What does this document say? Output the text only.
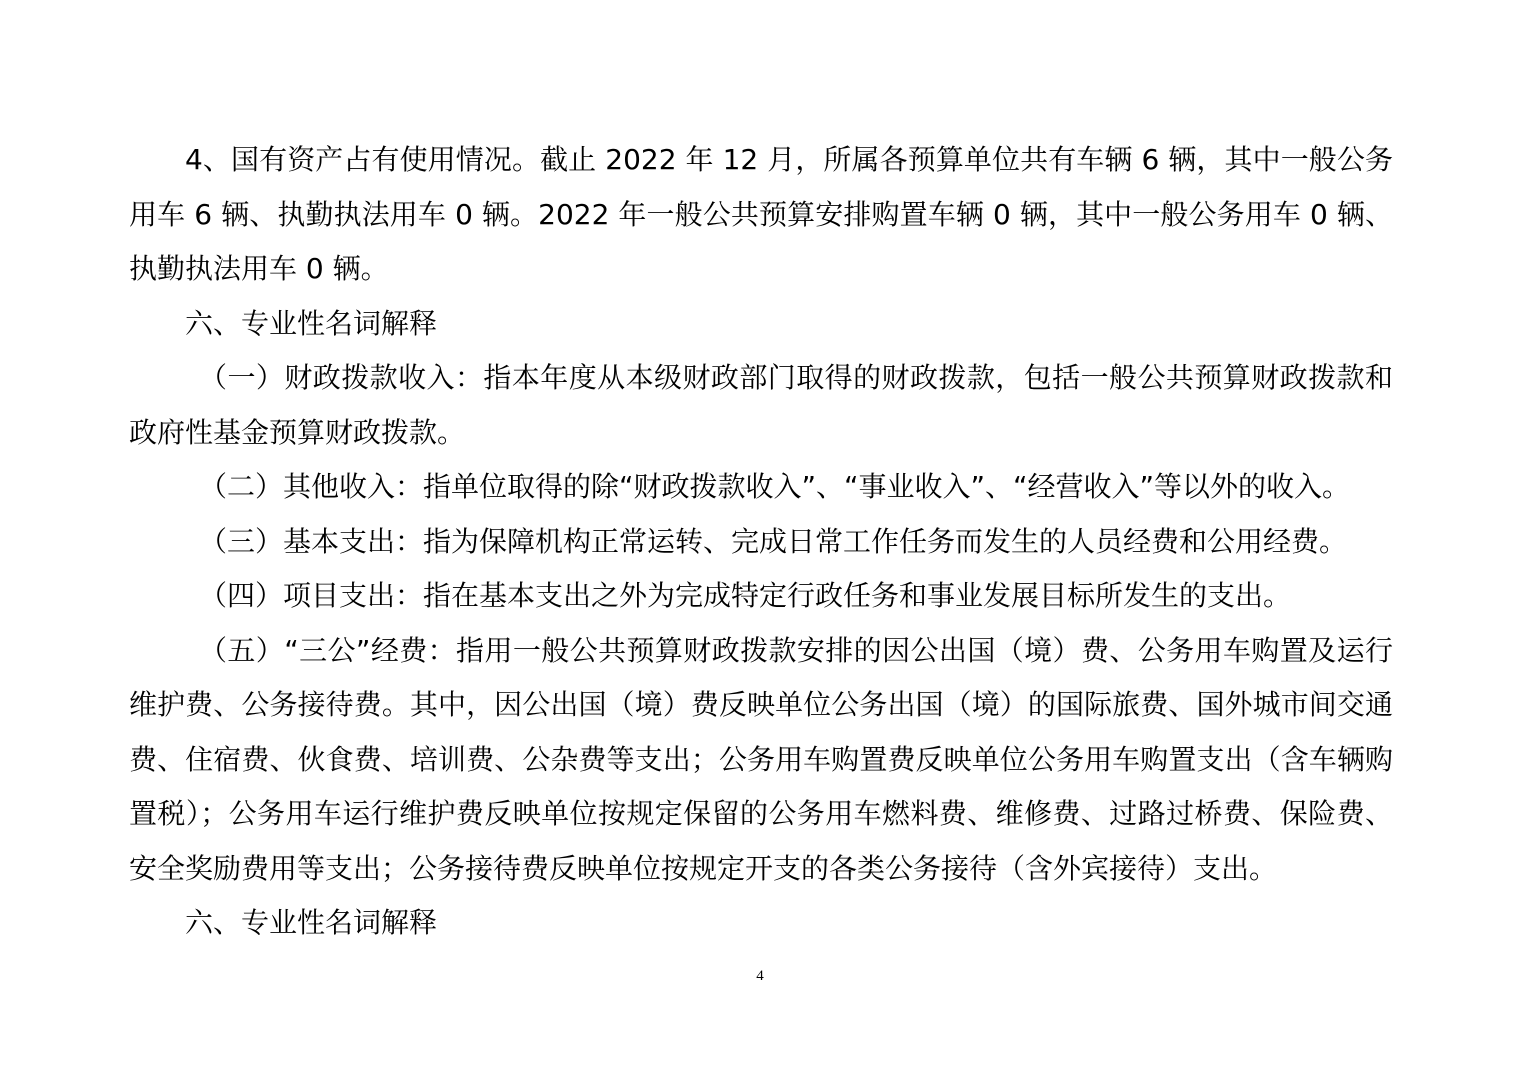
4、国有资产占有使用情况。截止 2022 年 12 月，所属各预算单位共有车辆 6 辆，其中一般公务用车 6 辆、执勤执法用车 0 辆。2022 年一般公共预算安排购置车辆 0 辆，其中一般公务用车 0 辆、执勤执法用车 0 辆。

六、专业性名词解释

（一）财政拨款收入：指本年度从本级财政部门取得的财政拨款，包括一般公共预算财政拨款和政府性基金预算财政拨款。

（二）其他收入：指单位取得的除“财政拨款收入”、“事业收入”、“经营收入”等以外的收入。

（三）基本支出：指为保障机构正常运转、完成日常工作任务而发生的人员经费和公用经费。

（四）项目支出：指在基本支出之外为完成特定行政任务和事业发展目标所发生的支出。

（五）“三公”经费：指用一般公共预算财政拨款安排的因公出国（境）费、公务用车购置及运行维护费、公务接待费。其中，因公出国（境）费反映单位公务出国（境）的国际旅费、国外城市间交通费、住宿费、伙食费、培训费、公杂费等支出；公务用车购置费反映单位公务用车购置支出（含车辆购置税）；公务用车运行维护费反映单位按规定保留的公务用车燃料费、维修费、过路过桥费、保险费、安全奖励费用等支出；公务接待费反映单位按规定开支的各类公务接待（含外宾接待）支出。

六、专业性名词解释

4
